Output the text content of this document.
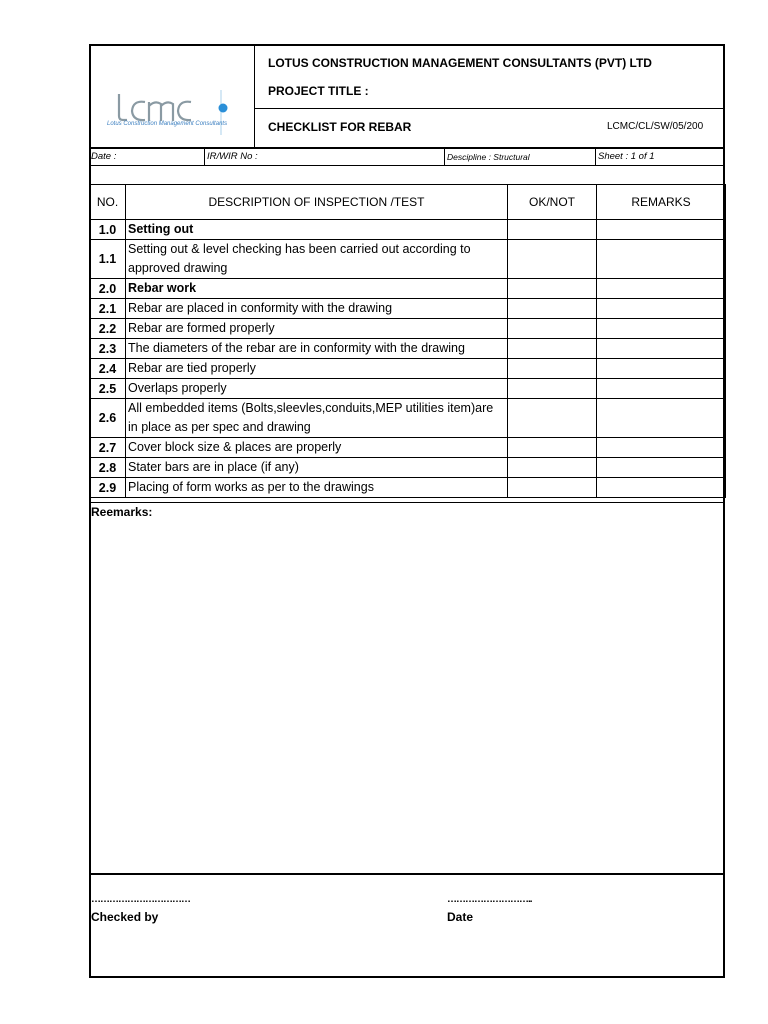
Lotus Construction Management Consultants
LOTUS CONSTRUCTION MANAGEMENT CONSULTANTS (PVT) LTD
PROJECT TITLE :
CHECKLIST FOR REBAR	LCMC/CL/SW/05/200
Date :	IR/WIR No :	Descipline : Structural	Sheet : 1 of 1
NO.	DESCRIPTION OF INSPECTION /TEST	OK/NOT	REMARKS
1.0	Setting out		
1.1	Setting out & level checking has been carried out according to approved drawing		
2.0	Rebar work		
2.1	Rebar are placed in conformity with the drawing		
2.2	Rebar are formed properly		
2.3	The diameters of the rebar are in conformity with the drawing		
2.4	Rebar are tied properly		
2.5	Overlaps properly		
2.6	All embedded items (Bolts,sleevles,conduits,MEP utilities item)are in place as per spec and drawing		
2.7	Cover block size & places are properly		
2.8	Stater bars are in place (if any)		
2.9	Placing of form works as per to the drawings		
Reemarks:
……………………………
Checked by
………………………..
Date
